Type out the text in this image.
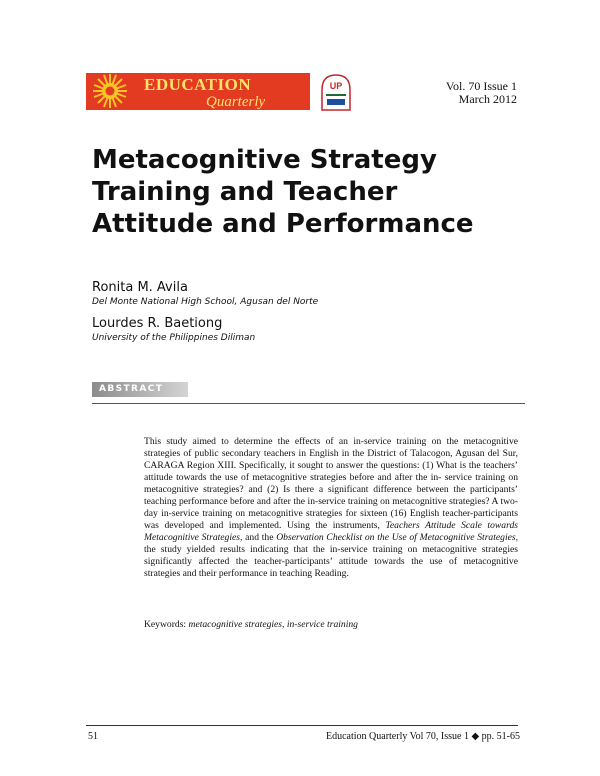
EDUCATION
Quarterly
UP	Vol. 70 Issue 1
March 2012
Metacognitive Strategy Training and Teacher Attitude and Performance
Ronita M. Avila
Del Monte National High School, Agusan del Norte
Lourdes R. Baetiong
University of the Philippines Diliman
ABSTRACT
This study aimed to determine the effects of an in-service training on the metacognitive strategies of public secondary teachers in English in the District of Talacogon, Agusan del Sur, CARAGA Region XIII. Specifically, it sought to answer the questions: (1) What is the teachers’ attitude towards the use of metacognitive strategies before and after the in- service training on metacognitive strategies? and (2) Is there a significant difference between the participants’ teaching performance before and after the in-service training on metacognitive strategies? A two-day in-service training on metacognitive strategies for sixteen (16) English teacher-participants was developed and implemented. Using the instruments, Teachers Attitude Scale towards Metacognitive Strategies, and the Observation Checklist on the Use of Metacognitive Strategies, the study yielded results indicating that the in-service training on metacognitive strategies significantly affected the teacher-participants’ attitude towards the use of metacognitive strategies and their performance in teaching Reading.
Keywords: metacognitive strategies, in-service training
51	Education Quarterly Vol 70, Issue 1 ◆ pp. 51-65
